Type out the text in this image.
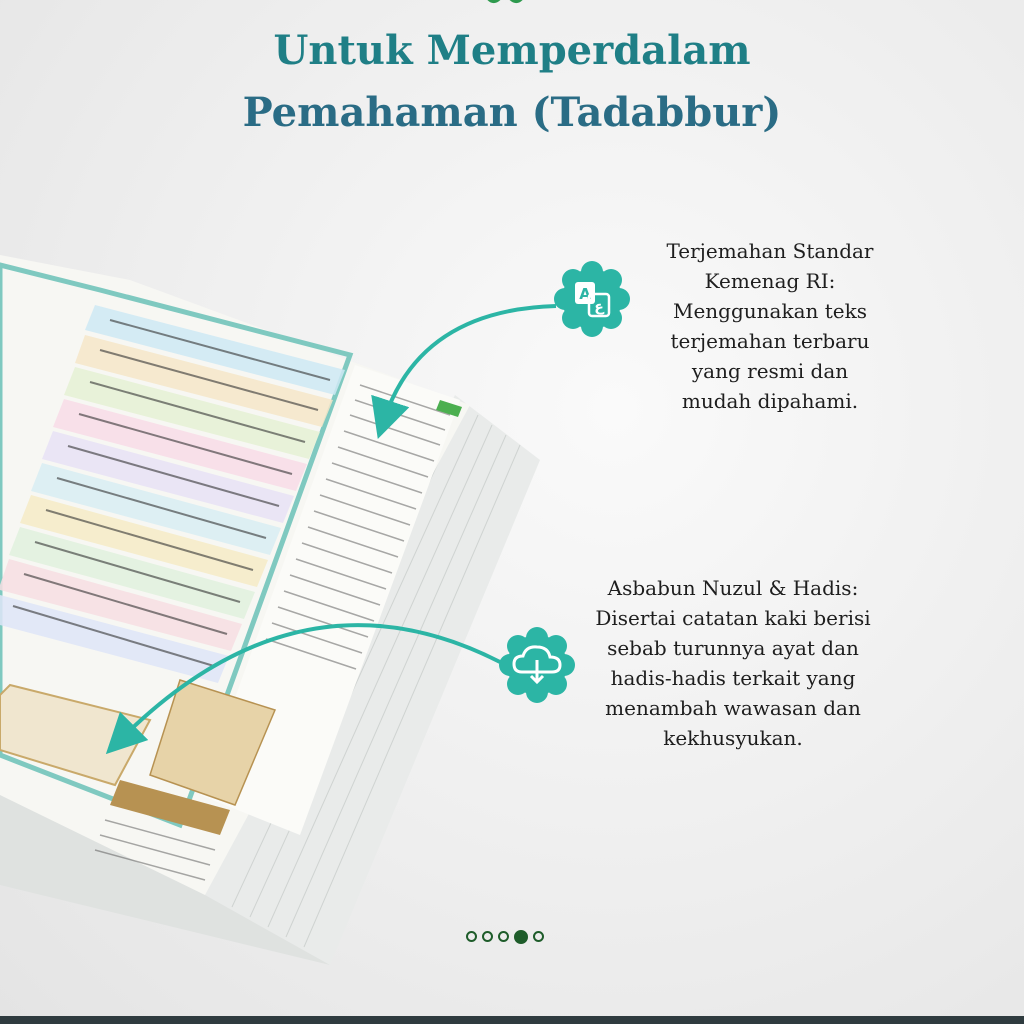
Untuk Memperdalam
Pemahaman (Tadabbur)
A
ع
Terjemahan Standar
Kemenag RI:
Menggunakan teks
terjemahan terbaru
yang resmi dan
mudah dipahami.
Asbabun Nuzul & Hadis:
Disertai catatan kaki berisi
sebab turunnya ayat dan
hadis-hadis terkait yang
menambah wawasan dan
kekhusyukan.
